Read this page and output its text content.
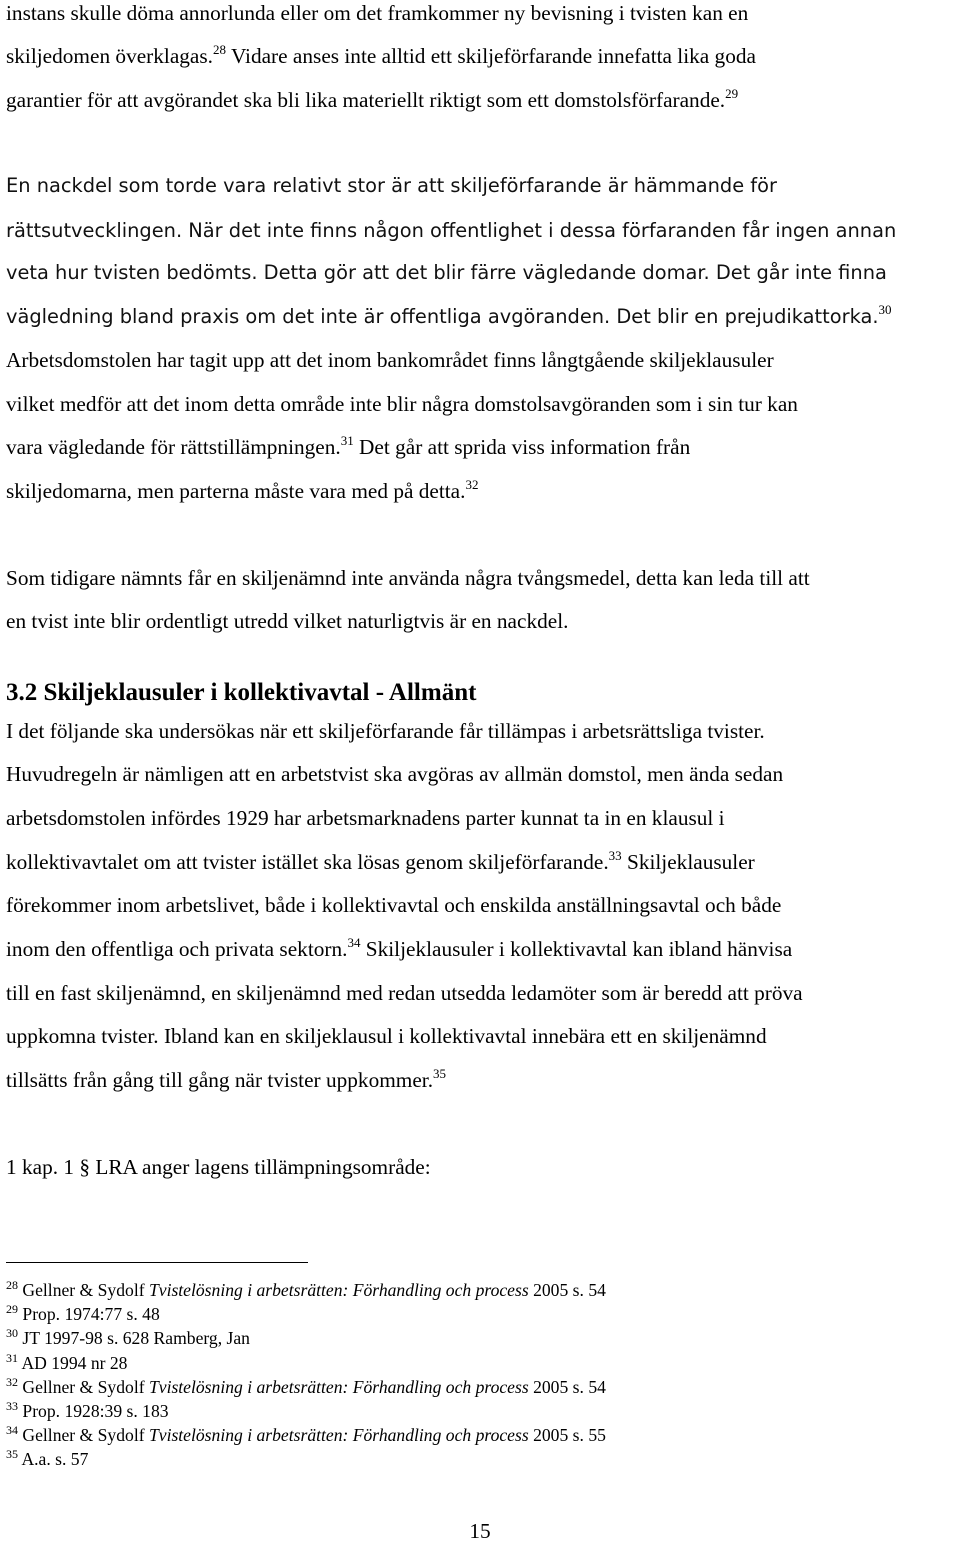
instans skulle döma annorlunda eller om det framkommer ny bevisning i tvisten kan en
skiljedomen överklagas.$^{28}$ Vidare anses inte alltid ett skiljeförfarande innefatta lika goda
garantier för att avgörandet ska bli lika materiellt riktigt som ett domstolsförfarande.$^{29}$
En nackdel som torde vara relativt stor är att skiljeförfarande är hämmande för
rättsutvecklingen. När det inte finns någon offentlighet i dessa förfaranden får ingen annan
veta hur tvisten bedömts. Detta gör att det blir färre vägledande domar. Det går inte finna
vägledning bland praxis om det inte är offentliga avgöranden. Det blir en prejudikattorka.$^{30}$
Arbetsdomstolen har tagit upp att det inom bankområdet finns långtgående skiljeklausuler
vilket medför att det inom detta område inte blir några domstolsavgöranden som i sin tur kan
vara vägledande för rättstillämpningen.$^{31}$ Det går att sprida viss information från
skiljedomarna, men parterna måste vara med på detta.$^{32}$
Som tidigare nämnts får en skiljenämnd inte använda några tvångsmedel, detta kan leda till att
en tvist inte blir ordentligt utredd vilket naturligtvis är en nackdel.
3.2 Skiljeklausuler i kollektivavtal - Allmänt
I det följande ska undersökas när ett skiljeförfarande får tillämpas i arbetsrättsliga tvister.
Huvudregeln är nämligen att en arbetstvist ska avgöras av allmän domstol, men ända sedan
arbetsdomstolen infördes 1929 har arbetsmarknadens parter kunnat ta in en klausul i
kollektivavtalet om att tvister istället ska lösas genom skiljeförfarande.$^{33}$ Skiljeklausuler
förekommer inom arbetslivet, både i kollektivavtal och enskilda anställningsavtal och både
inom den offentliga och privata sektorn.$^{34}$ Skiljeklausuler i kollektivavtal kan ibland hänvisa
till en fast skiljenämnd, en skiljenämnd med redan utsedda ledamöter som är beredd att pröva
uppkomna tvister. Ibland kan en skiljeklausul i kollektivavtal innebära ett en skiljenämnd
tillsätts från gång till gång när tvister uppkommer.$^{35}$
1 kap. 1 § LRA anger lagens tillämpningsområde:
$^{28}$ Gellner & Sydolf Tvistelösning i arbetsrätten: Förhandling och process 2005 s. 54
$^{29}$ Prop. 1974:77 s. 48
$^{30}$ JT 1997-98 s. 628 Ramberg, Jan
$^{31}$ AD 1994 nr 28
$^{32}$ Gellner & Sydolf Tvistelösning i arbetsrätten: Förhandling och process 2005 s. 54
$^{33}$ Prop. 1928:39 s. 183
$^{34}$ Gellner & Sydolf Tvistelösning i arbetsrätten: Förhandling och process 2005 s. 55
$^{35}$ A.a. s. 57
15
